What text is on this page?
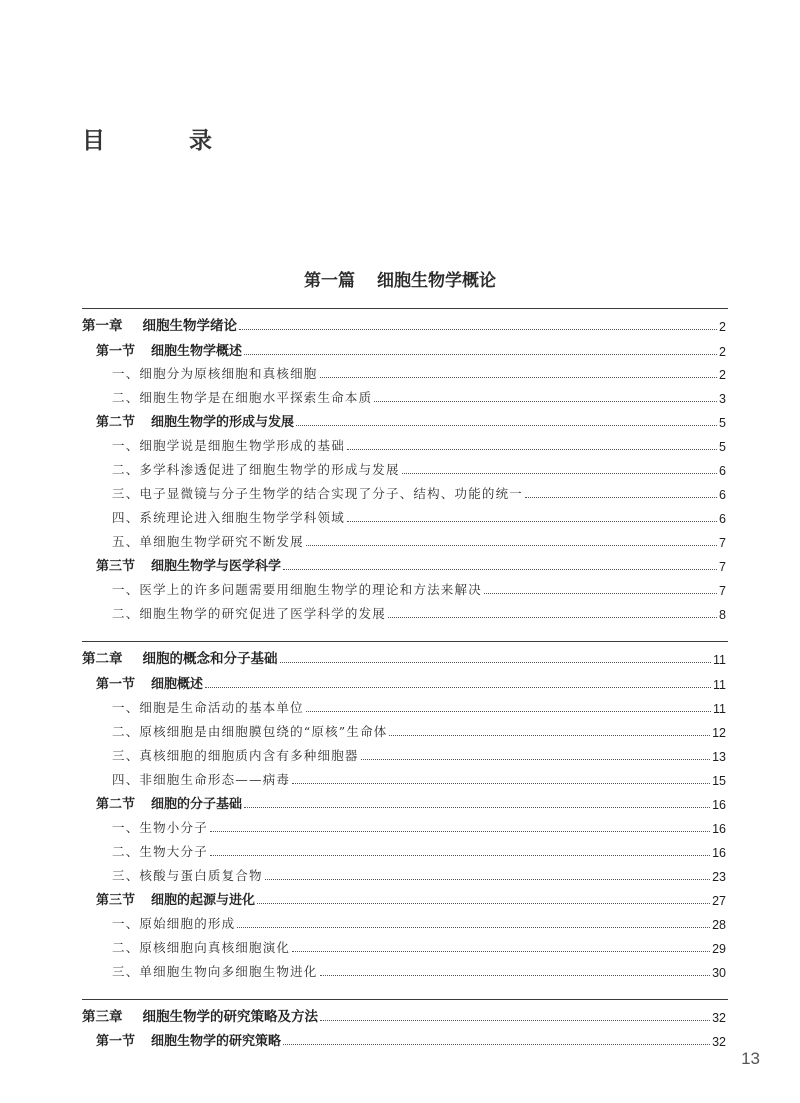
目 录
第一篇 细胞生物学概论
第一章 细胞生物学绪论	2
第一节 细胞生物学概述	2
一、细胞分为原核细胞和真核细胞	2
二、细胞生物学是在细胞水平探索生命本质	3
第二节 细胞生物学的形成与发展	5
一、细胞学说是细胞生物学形成的基础	5
二、多学科渗透促进了细胞生物学的形成与发展	6
三、电子显微镜与分子生物学的结合实现了分子、结构、功能的统一	6
四、系统理论进入细胞生物学学科领域	6
五、单细胞生物学研究不断发展	7
第三节 细胞生物学与医学科学	7
一、医学上的许多问题需要用细胞生物学的理论和方法来解决	7
二、细胞生物学的研究促进了医学科学的发展	8
第二章 细胞的概念和分子基础	11
第一节 细胞概述	11
一、细胞是生命活动的基本单位	11
二、原核细胞是由细胞膜包绕的“原核”生命体	12
三、真核细胞的细胞质内含有多种细胞器	13
四、非细胞生命形态——病毒	15
第二节 细胞的分子基础	16
一、生物小分子	16
二、生物大分子	16
三、核酸与蛋白质复合物	23
第三节 细胞的起源与进化	27
一、原始细胞的形成	28
二、原核细胞向真核细胞演化	29
三、单细胞生物向多细胞生物进化	30
第三章 细胞生物学的研究策略及方法	32
第一节 细胞生物学的研究策略	32
13
